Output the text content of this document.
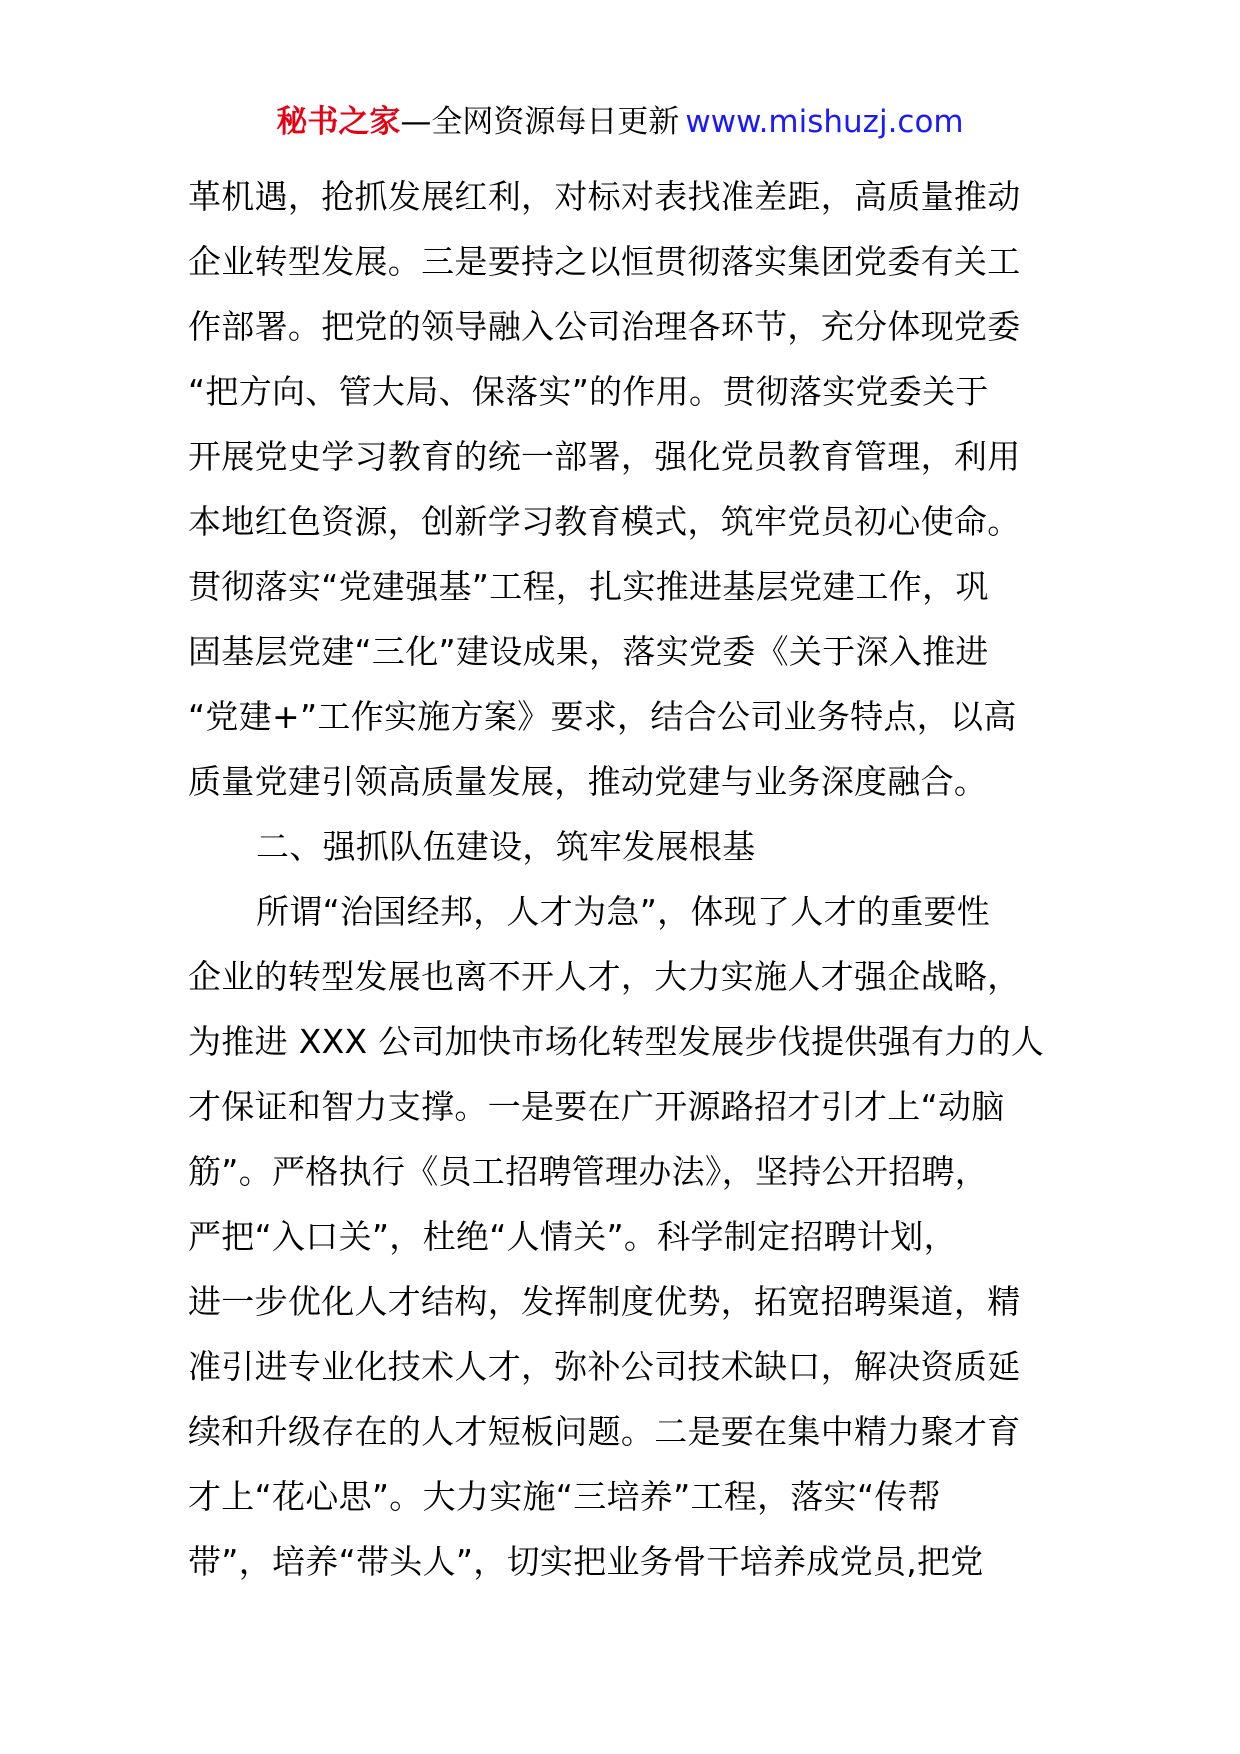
秘书之家—全网资源每日更新 www.mishuzj.com
革机遇，抢抓发展红利，对标对表找准差距，高质量推动
企业转型发展。三是要持之以恒贯彻落实集团党委有关工
作部署。把党的领导融入公司治理各环节，充分体现党委
“把方向、管大局、保落实”的作用。贯彻落实党委关于
开展党史学习教育的统一部署，强化党员教育管理，利用
本地红色资源，创新学习教育模式，筑牢党员初心使命。
贯彻落实“党建强基”工程，扎实推进基层党建工作，巩
固基层党建“三化”建设成果，落实党委《关于深入推进
“党建+”工作实施方案》要求，结合公司业务特点，以高
质量党建引领高质量发展，推动党建与业务深度融合。
二、强抓队伍建设，筑牢发展根基
所谓“治国经邦，人才为急”，体现了人才的重要性
企业的转型发展也离不开人才，大力实施人才强企战略，
为推进 XXX 公司加快市场化转型发展步伐提供强有力的人
才保证和智力支撑。一是要在广开源路招才引才上“动脑
筋”。严格执行《员工招聘管理办法》，坚持公开招聘，
严把“入口关”，杜绝“人情关”。科学制定招聘计划，
进一步优化人才结构，发挥制度优势，拓宽招聘渠道，精
准引进专业化技术人才，弥补公司技术缺口，解决资质延
续和升级存在的人才短板问题。二是要在集中精力聚才育
才上“花心思”。大力实施“三培养”工程，落实“传帮
带”，培养“带头人”，切实把业务骨干培养成党员,把党
